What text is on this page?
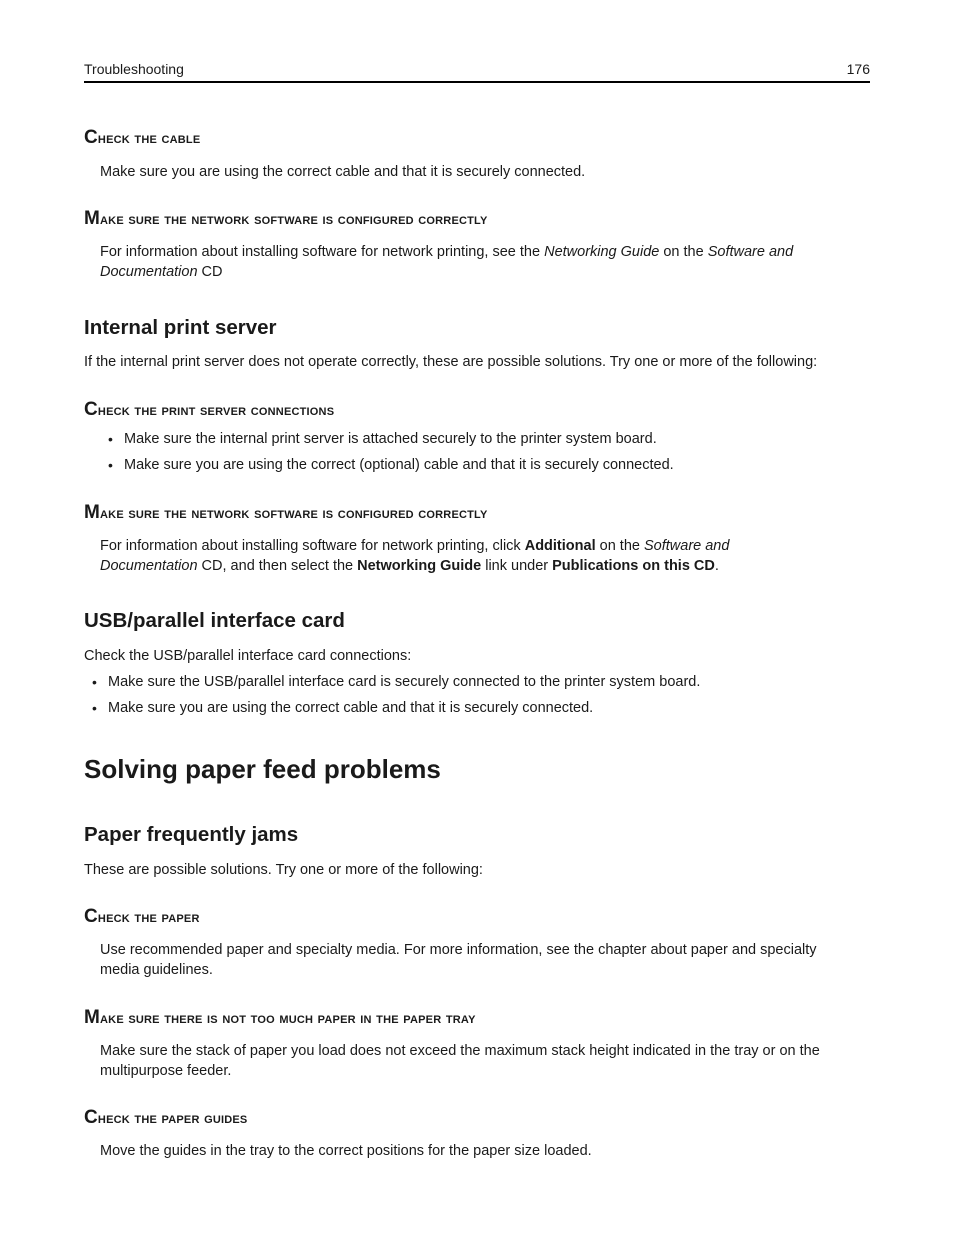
Troubleshooting	176
Check the cable
Make sure you are using the correct cable and that it is securely connected.
Make sure the network software is configured correctly
For information about installing software for network printing, see the Networking Guide on the Software and
Documentation CD
Internal print server
If the internal print server does not operate correctly, these are possible solutions. Try one or more of the following:
Check the print server connections
• Make sure the internal print server is attached securely to the printer system board.
• Make sure you are using the correct (optional) cable and that it is securely connected.
Make sure the network software is configured correctly
For information about installing software for network printing, click Additional on the Software and
Documentation CD, and then select the Networking Guide link under Publications on this CD.
USB/parallel interface card
Check the USB/parallel interface card connections:
• Make sure the USB/parallel interface card is securely connected to the printer system board.
• Make sure you are using the correct cable and that it is securely connected.
Solving paper feed problems
Paper frequently jams
These are possible solutions. Try one or more of the following:
Check the paper
Use recommended paper and specialty media. For more information, see the chapter about paper and specialty
media guidelines.
Make sure there is not too much paper in the paper tray
Make sure the stack of paper you load does not exceed the maximum stack height indicated in the tray or on the
multipurpose feeder.
Check the paper guides
Move the guides in the tray to the correct positions for the paper size loaded.
